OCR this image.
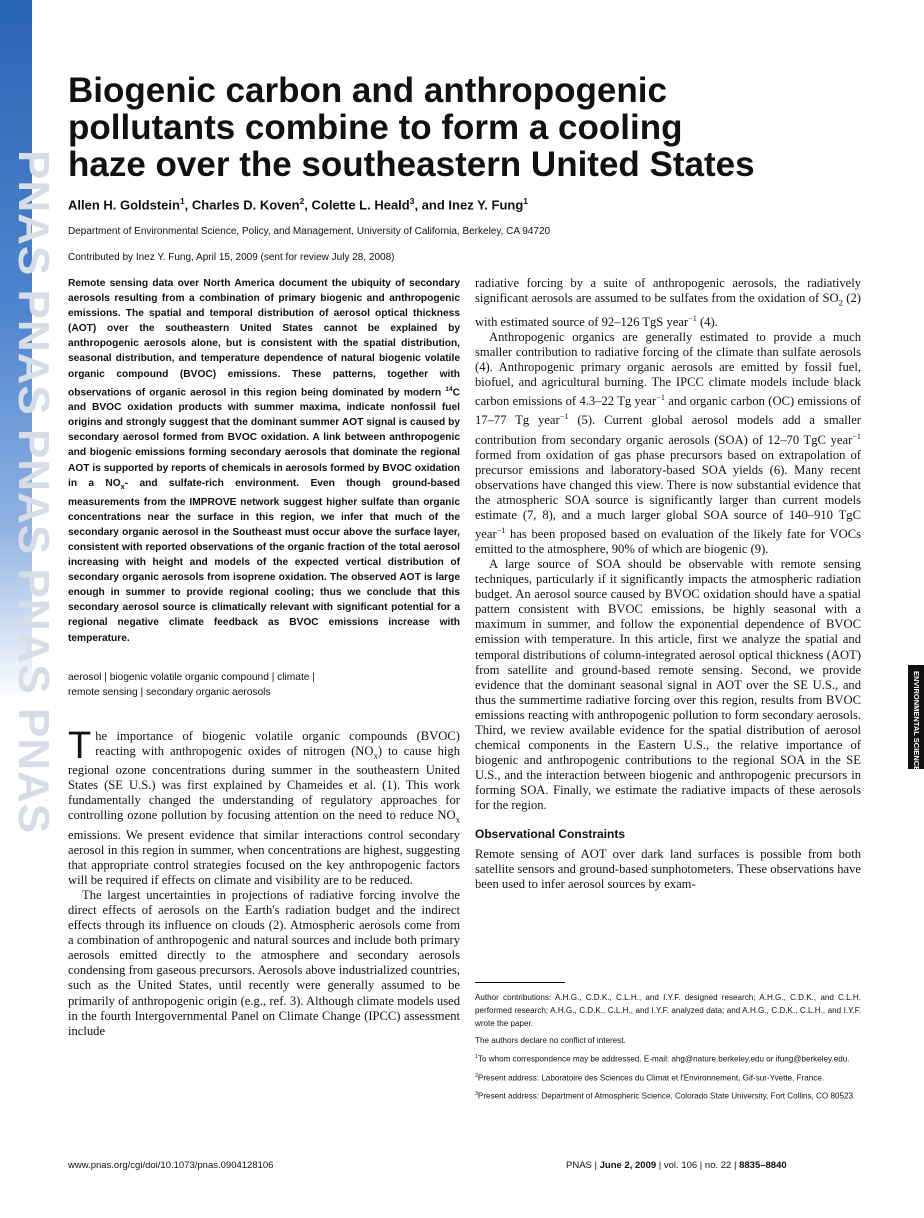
PNAS PNAS PNAS PNAS PNAS
Biogenic carbon and anthropogenic pollutants combine to form a cooling haze over the southeastern United States
Allen H. Goldstein$^1$, Charles D. Koven$^2$, Colette L. Heald$^3$, and Inez Y. Fung$^1$
Department of Environmental Science, Policy, and Management, University of California, Berkeley, CA 94720
Contributed by Inez Y. Fung, April 15, 2009 (sent for review July 28, 2008)

Remote sensing data over North America document the ubiquity of secondary aerosols resulting from a combination of primary biogenic and anthropogenic emissions. The spatial and temporal distribution of aerosol optical thickness (AOT) over the southeastern United States cannot be explained by anthropogenic aerosols alone, but is consistent with the spatial distribution, seasonal distribution, and temperature dependence of natural biogenic volatile organic compound (BVOC) emissions. These patterns, together with observations of organic aerosol in this region being dominated by modern $^{14}$C and BVOC oxidation products with summer maxima, indicate nonfossil fuel origins and strongly suggest that the dominant summer AOT signal is caused by secondary aerosol formed from BVOC oxidation. A link between anthropogenic and biogenic emissions forming secondary aerosols that dominate the regional AOT is supported by reports of chemicals in aerosols formed by BVOC oxidation in a $NO_x-$ and sulfate-rich environment. Even though ground-based measurements from the IMPROVE network suggest higher sulfate than organic concentrations near the surface in this region, we infer that much of the secondary organic aerosol in the Southeast must occur above the surface layer, consistent with reported observations of the organic fraction of the total aerosol increasing with height and models of the expected vertical distribution of secondary organic aerosols from isoprene oxidation. The observed AOT is large enough in summer to provide regional cooling; thus we conclude that this secondary aerosol source is climatically relevant with significant potential for a regional negative climate feedback as BVOC emissions increase with temperature.

aerosol | biogenic volatile organic compound | climate |
remote sensing | secondary organic aerosols

The importance of biogenic volatile organic compounds (BVOC) reacting with anthropogenic oxides of nitrogen $(NO_x)$ to cause high regional ozone concentrations during summer in the southeastern United States (SE U.S.) was first explained by Chameides et al. (1). This work fundamentally changed the understanding of regulatory approaches for controlling ozone pollution by focusing attention on the need to reduce $NO_x$ emissions. We present evidence that similar interactions control secondary aerosol in this region in summer, when concentrations are highest, suggesting that appropriate control strategies focused on the key anthropogenic factors will be required if effects on climate and visibility are to be reduced.

The largest uncertainties in projections of radiative forcing involve the direct effects of aerosols on the Earth's radiation budget and the indirect effects through its influence on clouds (2). Atmospheric aerosols come from a combination of anthropogenic and natural sources and include both primary aerosols emitted directly to the atmosphere and secondary aerosols condensing from gaseous precursors. Aerosols above industrialized countries, such as the United States, until recently were generally assumed to be primarily of anthropogenic origin (e.g., ref. 3). Although climate models used in the fourth Intergovernmental Panel on Climate Change (IPCC) assessment include

radiative forcing by a suite of anthropogenic aerosols, the radiatively significant aerosols are assumed to be sulfates from the oxidation of $SO_2$ (2) with estimated source of 92–126 TgS year$^{-1}$ (4).

Anthropogenic organics are generally estimated to provide a much smaller contribution to radiative forcing of the climate than sulfate aerosols (4). Anthropogenic primary organic aerosols are emitted by fossil fuel, biofuel, and agricultural burning. The IPCC climate models include black carbon emissions of 4.3–22 Tg year$^{-1}$ and organic carbon (OC) emissions of 17–77 Tg year$^{-1}$ (5). Current global aerosol models add a smaller contribution from secondary organic aerosols (SOA) of 12–70 TgC year$^{-1}$ formed from oxidation of gas phase precursors based on extrapolation of precursor emissions and laboratory-based SOA yields (6). Many recent observations have changed this view. There is now substantial evidence that the atmospheric SOA source is significantly larger than current models estimate (7, 8), and a much larger global SOA source of 140–910 TgC year$^{-1}$ has been proposed based on evaluation of the likely fate for VOCs emitted to the atmosphere, 90% of which are biogenic (9).

A large source of SOA should be observable with remote sensing techniques, particularly if it significantly impacts the atmospheric radiation budget. An aerosol source caused by BVOC oxidation should have a spatial pattern consistent with BVOC emissions, be highly seasonal with a maximum in summer, and follow the exponential dependence of BVOC emission with temperature. In this article, first we analyze the spatial and temporal distributions of column-integrated aerosol optical thickness (AOT) from satellite and ground-based remote sensing. Second, we provide evidence that the dominant seasonal signal in AOT over the SE U.S., and thus the summertime radiative forcing over this region, results from BVOC emissions reacting with anthropogenic pollution to form secondary aerosols. Third, we review available evidence for the spatial distribution of aerosol chemical components in the Eastern U.S., the relative importance of biogenic and anthropogenic contributions to the regional SOA in the SE U.S., and the interaction between biogenic and anthropogenic precursors in forming SOA. Finally, we estimate the radiative impacts of these aerosols for the region.

Observational Constraints

Remote sensing of AOT over dark land surfaces is possible from both satellite sensors and ground-based sunphotometers. These observations have been used to infer aerosol sources by exam-

Author contributions: A.H.G., C.D.K., C.L.H., and I.Y.F. designed research; A.H.G., C.D.K., and C.L.H. performed research; A.H.G., C.D.K., C.L.H., and I.Y.F. analyzed data; and A.H.G., C.D.K., C.L.H., and I.Y.F. wrote the paper.

The authors declare no conflict of interest.

$^1$To whom correspondence may be addressed. E-mail: ahg@nature.berkeley.edu or ifung@berkeley.edu.

$^2$Present address: Laboratoire des Sciences du Climat et l'Environnement, Gif-sur-Yvette, France.

$^3$Present address: Department of Atmospheric Science, Colorado State University, Fort Collins, CO 80523.

ENVIRONMENTAL SCIENCES
www.pnas.org/cgi/doi/10.1073/pnas.0904128106	PNAS | June 2, 2009 | vol. 106 | no. 22 | 8835–8840
